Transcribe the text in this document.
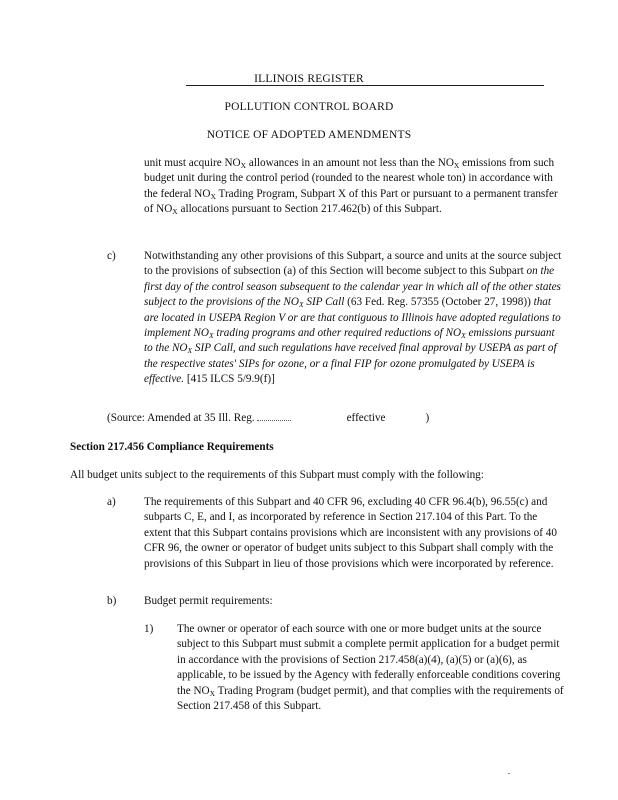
ILLINOIS REGISTER
POLLUTION CONTROL BOARD
NOTICE OF ADOPTED AMENDMENTS
unit must acquire $NO_X$ allowances in an amount not less than the $NO_X$ emissions from such budget unit during the control period (rounded to the nearest whole ton) in accordance with the federal $NO_X$ Trading Program, Subpart X of this Part or pursuant to a permanent transfer of $NO_X$ allocations pursuant to Section 217.462(b) of this Subpart.
c)	Notwithstanding any other provisions of this Subpart, a source and units at the source subject to the provisions of subsection (a) of this Section will become subject to this Subpart on the first day of the control season subsequent to the calendar year in which all of the other states subject to the provisions of the $NO_X$ SIP Call (63 Fed. Reg. 57355 (October 27, 1998)) that are located in USEPA Region V or are that contiguous to Illinois have adopted regulations to implement $NO_X$ trading programs and other required reductions of $NO_X$ emissions pursuant to the $NO_X$ SIP Call, and such regulations have received final approval by USEPA as part of the respective states' SIPs for ozone, or a final FIP for ozone promulgated by USEPA is effective. [415 ILCS 5/9.9(f)]
(Source: Amended at 35 Ill. Reg.	effective	)
Section 217.456 Compliance Requirements
All budget units subject to the requirements of this Subpart must comply with the following:
a)	The requirements of this Subpart and 40 CFR 96, excluding 40 CFR 96.4(b), 96.55(c) and subparts C, E, and I, as incorporated by reference in Section 217.104 of this Part. To the extent that this Subpart contains provisions which are inconsistent with any provisions of 40 CFR 96, the owner or operator of budget units subject to this Subpart shall comply with the provisions of this Subpart in lieu of those provisions which were incorporated by reference.
b) Budget permit requirements:
1) The owner or operator of each source with one or more budget units at the source subject to this Subpart must submit a complete permit application for a budget permit in accordance with the provisions of Section 217.458(a)(4), (a)(5) or (a)(6), as applicable, to be issued by the Agency with federally enforceable conditions covering the $NO_X$ Trading Program (budget permit), and that complies with the requirements of Section 217.458 of this Subpart.
